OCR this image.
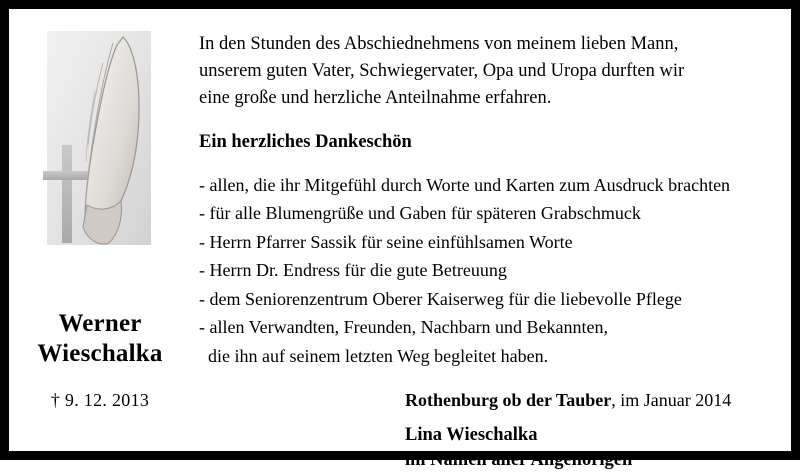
Werner
Wieschalka
† 9. 12. 2013
In den Stunden des Abschiednehmens von meinem lieben Mann,
unserem guten Vater, Schwiegervater, Opa und Uropa durften wir
eine große und herzliche Anteilnahme erfahren.
Ein herzliches Dankeschön
- allen, die ihr Mitgefühl durch Worte und Karten zum Ausdruck brachten
- für alle Blumengrüße und Gaben für späteren Grabschmuck
- Herrn Pfarrer Sassik für seine einfühlsamen Worte
- Herrn Dr. Endress für die gute Betreuung
- dem Seniorenzentrum Oberer Kaiserweg für die liebevolle Pflege
- allen Verwandten, Freunden, Nachbarn und Bekannten,
die ihn auf seinem letzten Weg begleitet haben.
Rothenburg ob der Tauber, im Januar 2014
Lina Wieschalka
im Namen aller Angehörigen
